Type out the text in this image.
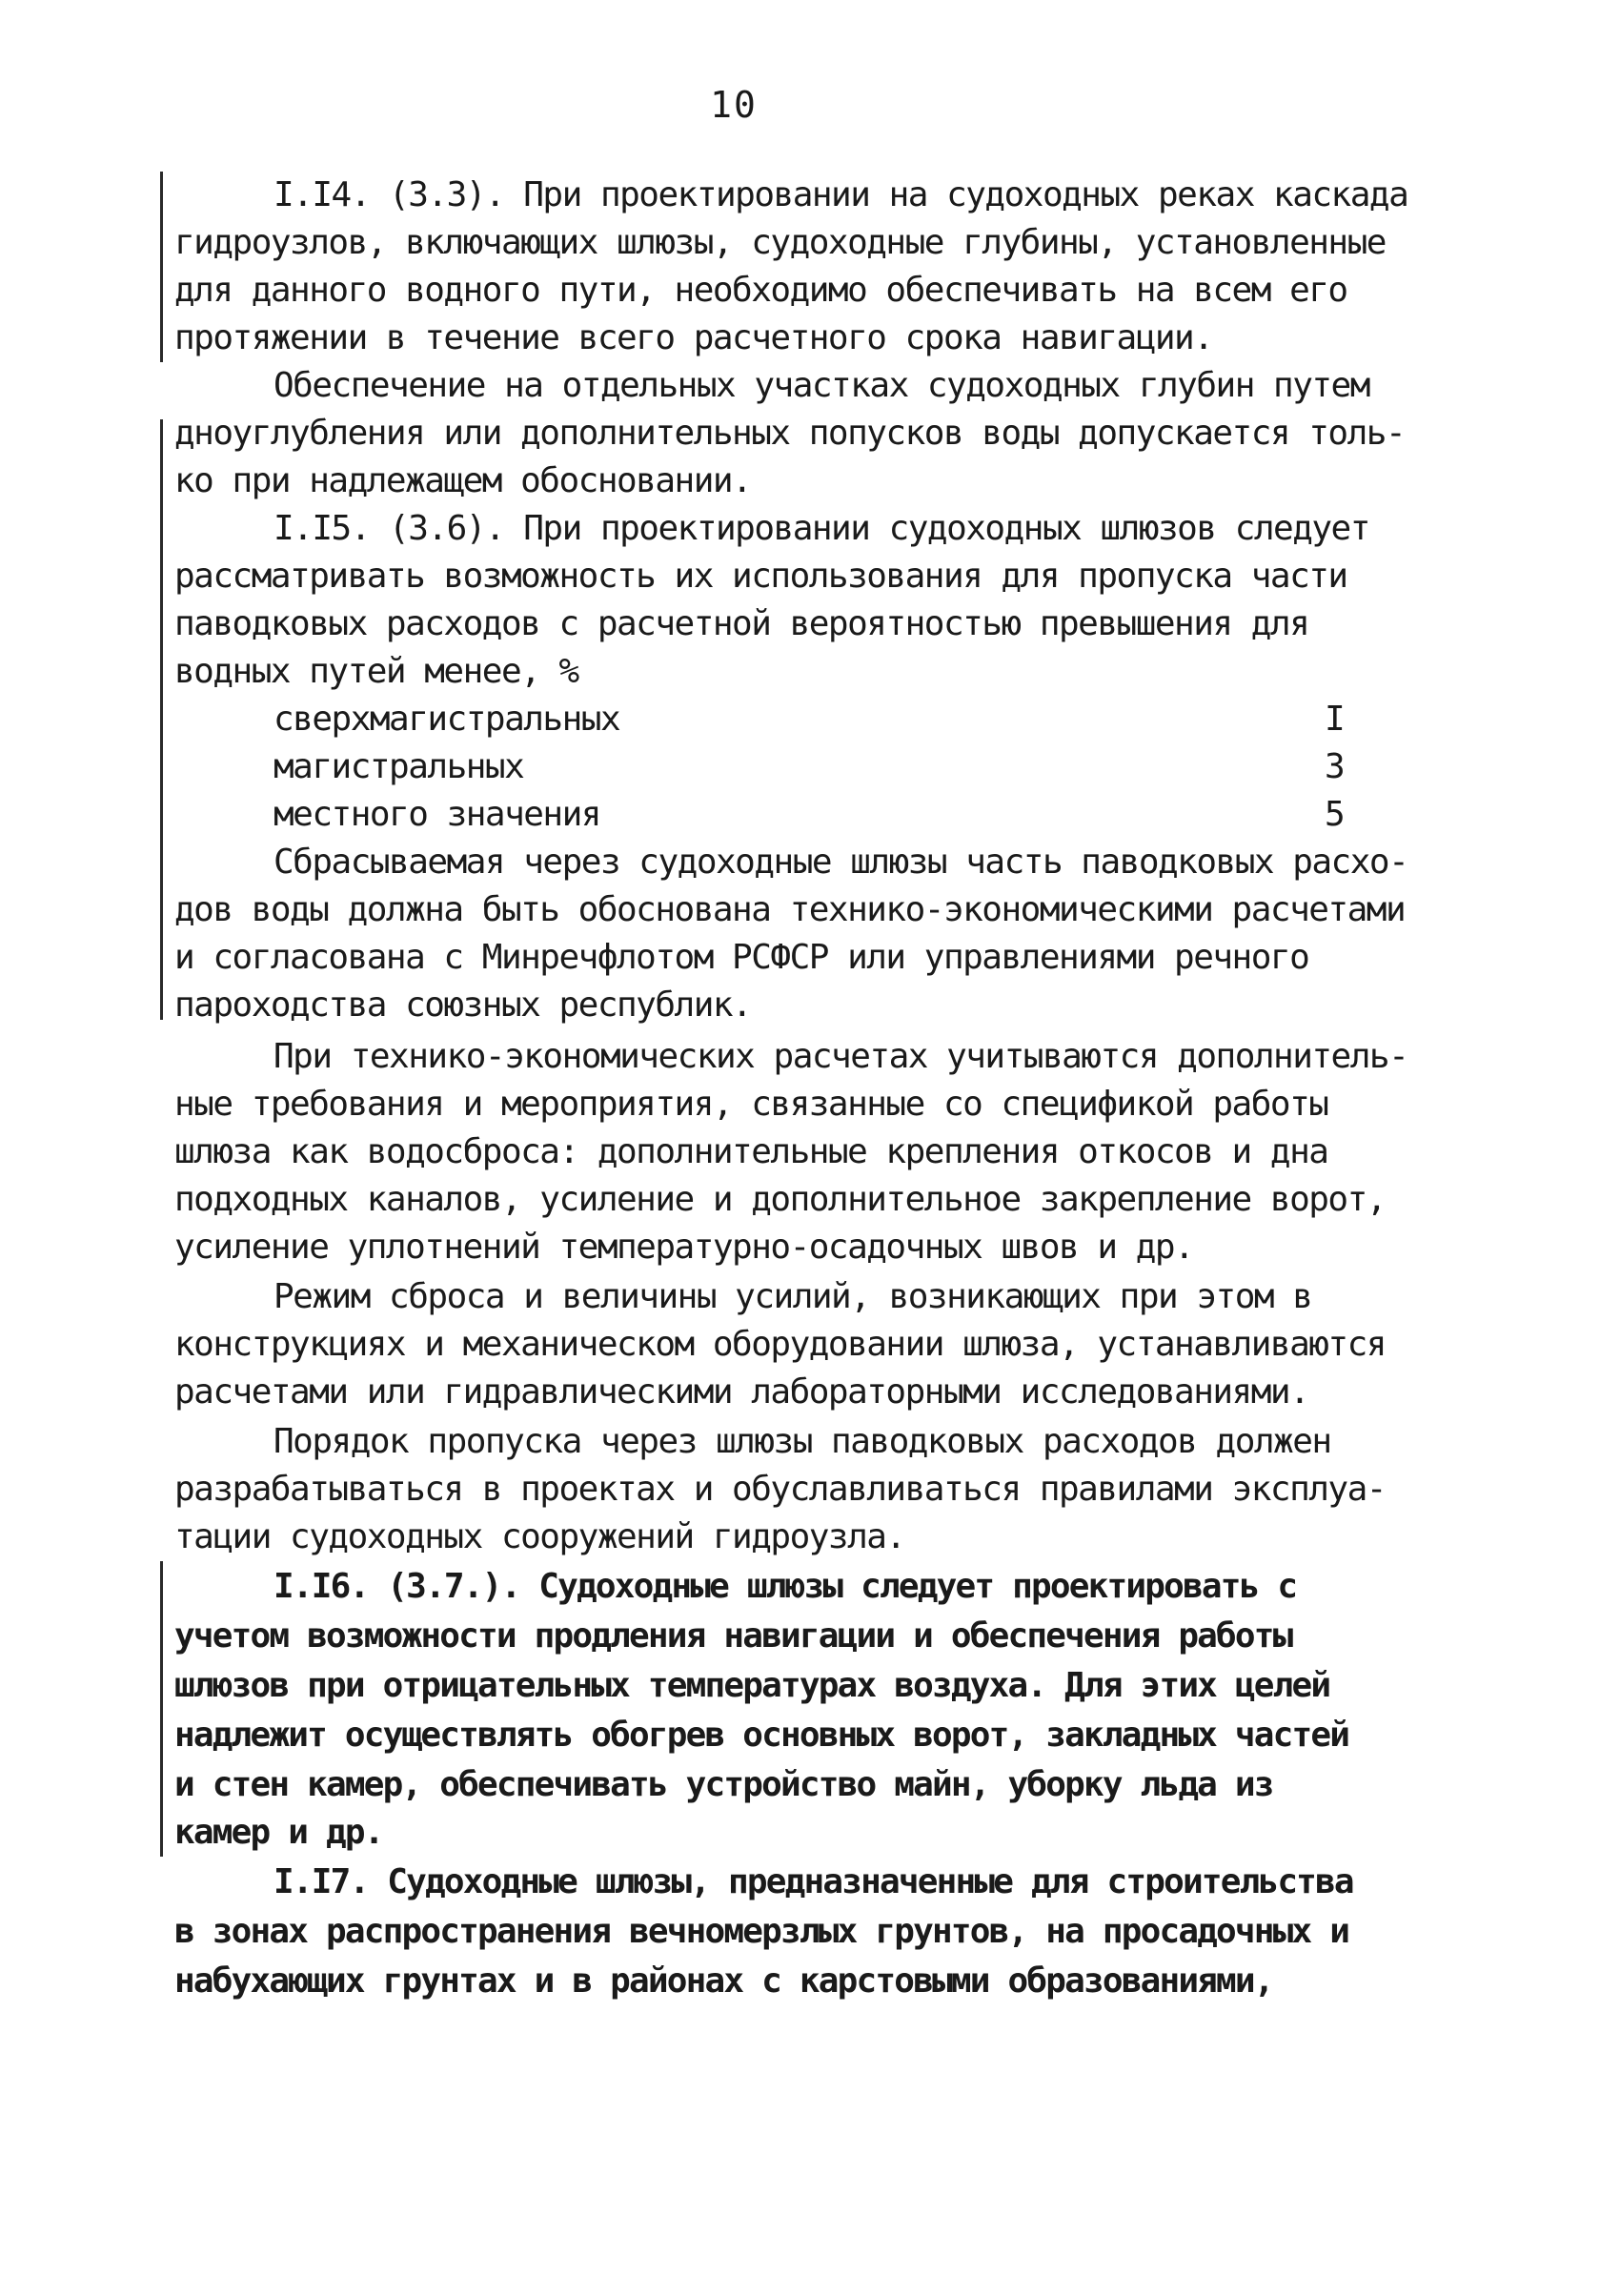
10
I.I4. (3.3). При проектировании на судоходных реках каскада
гидроузлов, включающих шлюзы, судоходные глубины, установленные
для данного водного пути, необходимо обеспечивать на всем его
протяжении в течение всего расчетного срока навигации.
Обеспечение на отдельных участках судоходных глубин путем
дноуглубления или дополнительных попусков воды допускается толь-
ко при надлежащем обосновании.
I.I5. (3.6). При проектировании судоходных шлюзов следует
рассматривать возможность их использования для пропуска части
паводковых расходов с расчетной вероятностью превышения для
водных путей менее, %
сверхмагистральных	I
магистральных	3
местного значения	5
Сбрасываемая через судоходные шлюзы часть паводковых расхо-
дов воды должна быть обоснована технико-экономическими расчетами
и согласована с Минречфлотом РСФСР или управлениями речного
пароходства союзных республик.
При технико-экономических расчетах учитываются дополнитель-
ные требования и мероприятия, связанные со спецификой работы
шлюза как водосброса: дополнительные крепления откосов и дна
подходных каналов, усиление и дополнительное закрепление ворот,
усиление уплотнений температурно-осадочных швов и др.
Режим сброса и величины усилий, возникающих при этом в
конструкциях и механическом оборудовании шлюза, устанавливаются
расчетами или гидравлическими лабораторными исследованиями.
Порядок пропуска через шлюзы паводковых расходов должен
разрабатываться в проектах и обуславливаться правилами эксплуа-
тации судоходных сооружений гидроузла.
I.I6. (3.7.). Судоходные шлюзы следует проектировать с
учетом возможности продления навигации и обеспечения работы
шлюзов при отрицательных температурах воздуха. Для этих целей
надлежит осуществлять обогрев основных ворот, закладных частей
и стен камер, обеспечивать устройство майн, уборку льда из
камер и др.
I.I7. Судоходные шлюзы, предназначенные для строительства
в зонах распространения вечномерзлых грунтов, на просадочных и
набухающих грунтах и в районах с карстовыми образованиями,
